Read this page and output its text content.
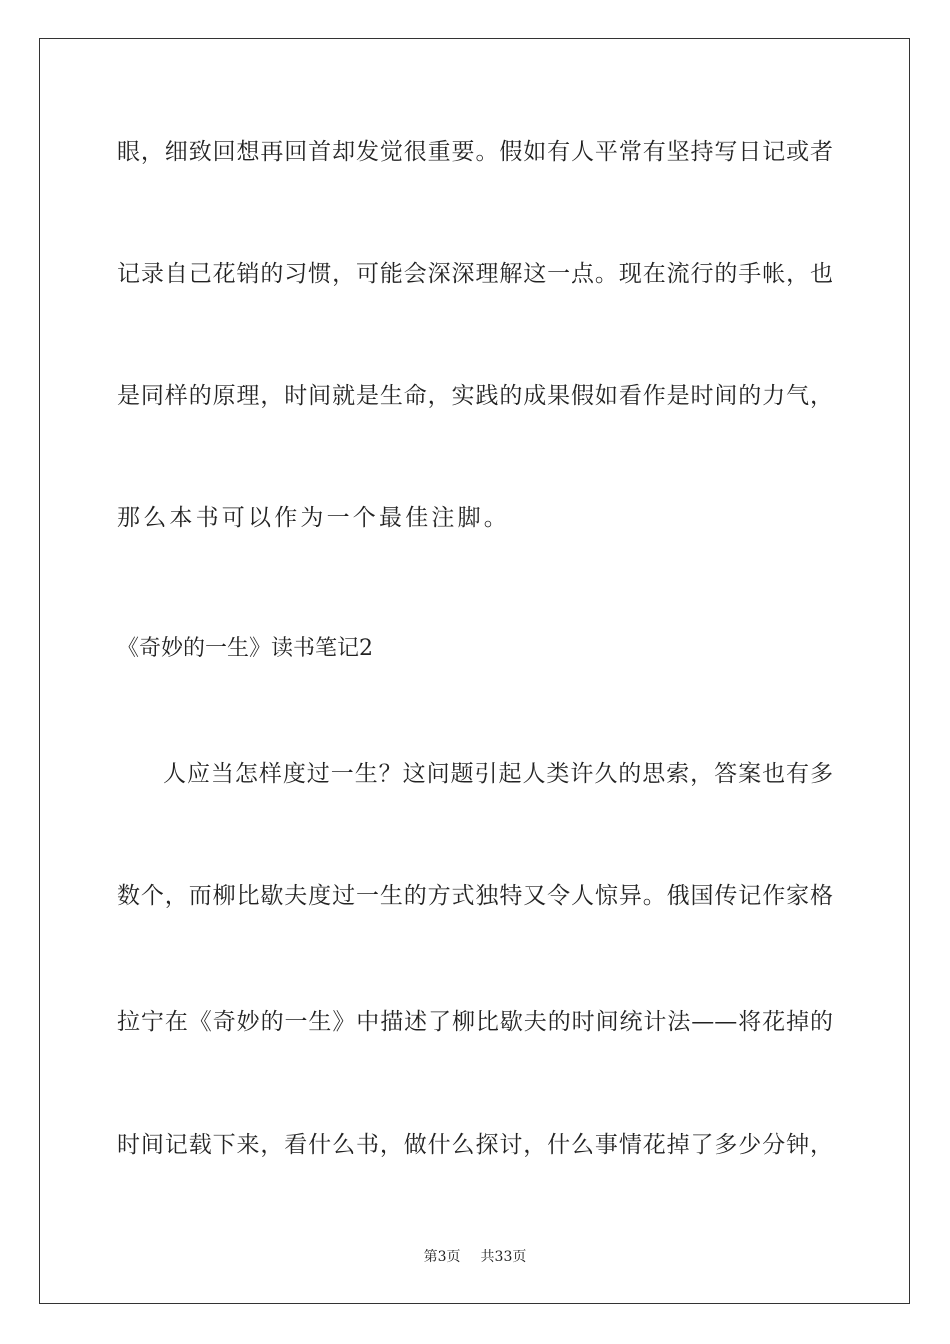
眼，细致回想再回首却发觉很重要。假如有人平常有坚持写日记或者
记录自己花销的习惯，可能会深深理解这一点。现在流行的手帐，也
是同样的原理，时间就是生命，实践的成果假如看作是时间的力气，
那么本书可以作为一个最佳注脚。
《奇妙的一生》读书笔记2
人应当怎样度过一生？这问题引起人类许久的思索，答案也有多
数个，而柳比歇夫度过一生的方式独特又令人惊异。俄国传记作家格
拉宁在《奇妙的一生》中描述了柳比歇夫的时间统计法——将花掉的
时间记载下来，看什么书，做什么探讨，什么事情花掉了多少分钟，
第3页 共33页
